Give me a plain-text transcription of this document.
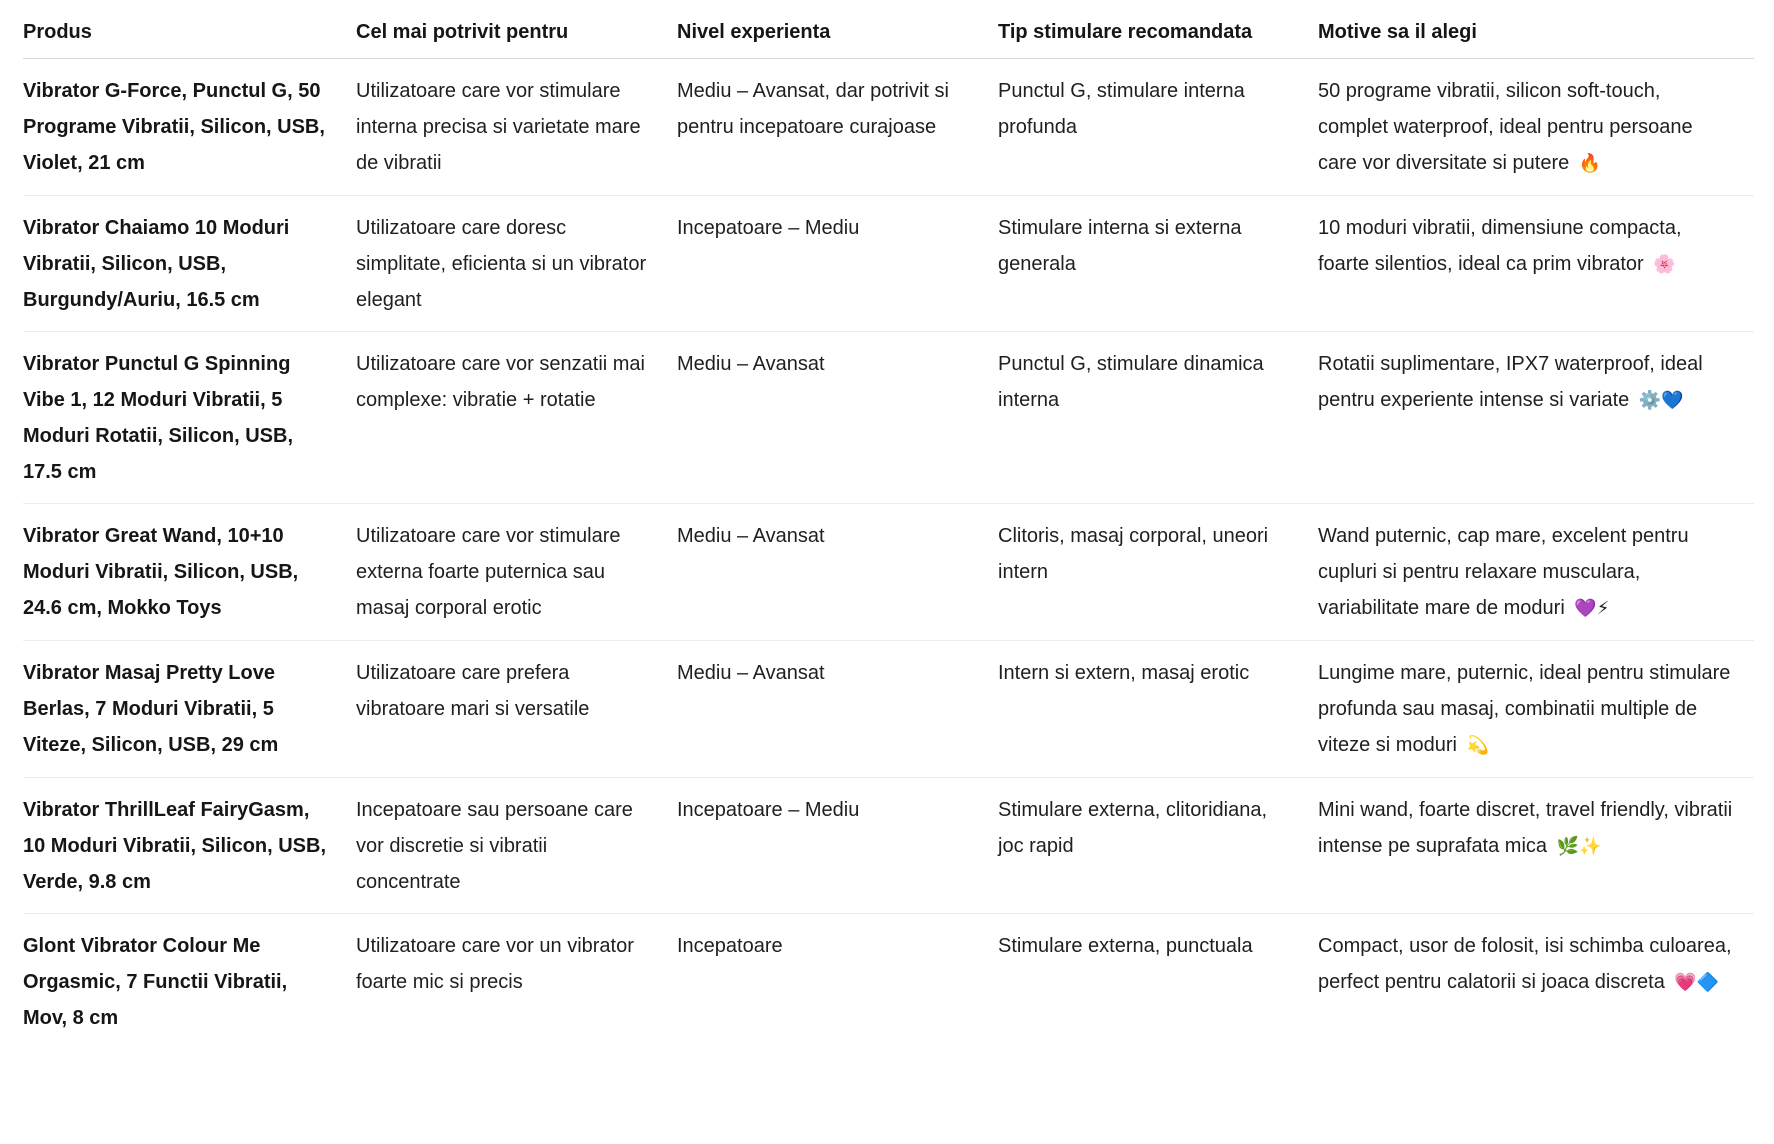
Produs	Cel mai potrivit pentru	Nivel experienta	Tip stimulare recomandata	Motive sa il alegi
Vibrator G-Force, Punctul G, 50 Programe Vibratii, Silicon, USB, Violet, 21 cm	Utilizatoare care vor stimulare interna precisa si varietate mare de vibratii	Mediu – Avansat, dar potrivit si pentru incepatoare curajoase	Punctul G, stimulare interna profunda	50 programe vibratii, silicon soft-touch, complet waterproof, ideal pentru persoane care vor diversitate si putere 🔥
Vibrator Chaiamo 10 Moduri Vibratii, Silicon, USB, Burgundy/Auriu, 16.5 cm	Utilizatoare care doresc simplitate, eficienta si un vibrator elegant	Incepatoare – Mediu	Stimulare interna si externa generala	10 moduri vibratii, dimensiune compacta, foarte silentios, ideal ca prim vibrator 🌸
Vibrator Punctul G Spinning Vibe 1, 12 Moduri Vibratii, 5 Moduri Rotatii, Silicon, USB, 17.5 cm	Utilizatoare care vor senzatii mai complexe: vibratie + rotatie	Mediu – Avansat	Punctul G, stimulare dinamica interna	Rotatii suplimentare, IPX7 waterproof, ideal pentru experiente intense si variate ⚙️💙
Vibrator Great Wand, 10+10 Moduri Vibratii, Silicon, USB, 24.6 cm, Mokko Toys	Utilizatoare care vor stimulare externa foarte puternica sau masaj corporal erotic	Mediu – Avansat	Clitoris, masaj corporal, uneori intern	Wand puternic, cap mare, excelent pentru cupluri si pentru relaxare musculara, variabilitate mare de moduri 💜⚡
Vibrator Masaj Pretty Love Berlas, 7 Moduri Vibratii, 5 Viteze, Silicon, USB, 29 cm	Utilizatoare care prefera vibratoare mari si versatile	Mediu – Avansat	Intern si extern, masaj erotic	Lungime mare, puternic, ideal pentru stimulare profunda sau masaj, combinatii multiple de viteze si moduri 💫
Vibrator ThrillLeaf FairyGasm, 10 Moduri Vibratii, Silicon, USB, Verde, 9.8 cm	Incepatoare sau persoane care vor discretie si vibratii concentrate	Incepatoare – Mediu	Stimulare externa, clitoridiana, joc rapid	Mini wand, foarte discret, travel friendly, vibratii intense pe suprafata mica 🌿✨
Glont Vibrator Colour Me Orgasmic, 7 Functii Vibratii, Mov, 8 cm	Utilizatoare care vor un vibrator foarte mic si precis	Incepatoare	Stimulare externa, punctuala	Compact, usor de folosit, isi schimba culoarea, perfect pentru calatorii si joaca discreta 💗🔷
